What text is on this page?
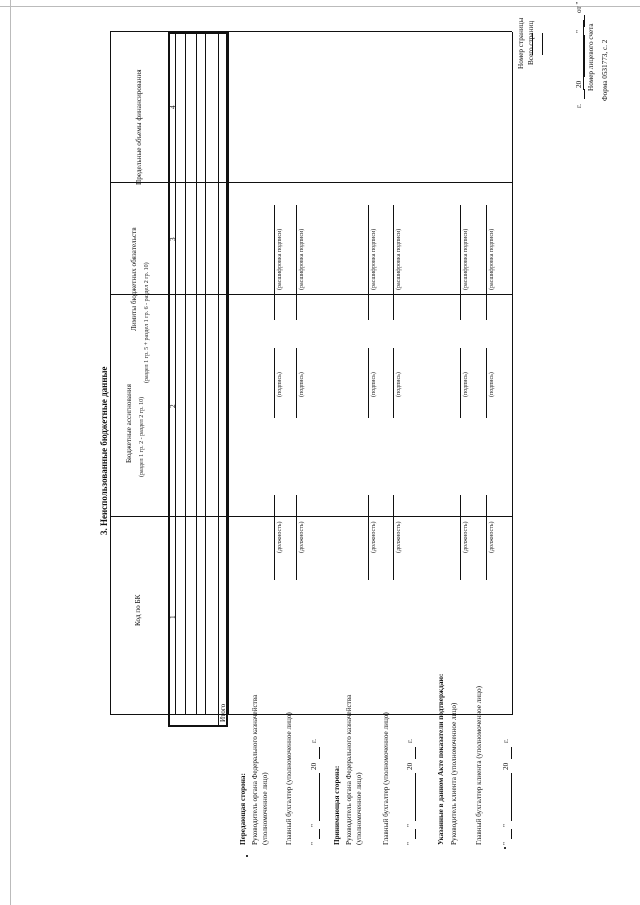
Форма 0531773, с. 2
Номер лицевого счета
от "
"
20
г.
3. Неиспользованные бюджетные данные
Код по БК
Бюджетные ассигнования (раздел 1 гр. 2 - раздел 2 гр. 10)
Лимиты бюджетных обязательств (раздел 1 гр. 5 + раздел 1 гр. 6 - раздел 2 гр. 10)
Предельные объемы финансирования
1
2
3
4
Итого
Передающая сторона: Руководитель органа Федерального казначейства (уполномоченное лицо)
(должность)
(подпись)
(расшифровка подписи)
Главный бухгалтер (уполномоченное лицо)
(должность)
(подпись)
(расшифровка подписи)
"
"
20
г.
Принимающая сторона: Руководитель органа Федерального казначейства (уполномоченное лицо)
(должность)
(подпись)
(расшифровка подписи)
Главный бухгалтер (уполномоченное лицо)
(должность)
(подпись)
(расшифровка подписи)
"
"
20
г.	Указанные в данном Акте показатели подтверждаю: Руководитель клиента (уполномоченное лицо)
(должность)
(подпись)
(расшифровка подписи)
Главный бухгалтер клиента (уполномоченное лицо)
(должность)
(подпись)
(расшифровка подписи)
"
"
20
г.
Номер страницы Всего страниц
